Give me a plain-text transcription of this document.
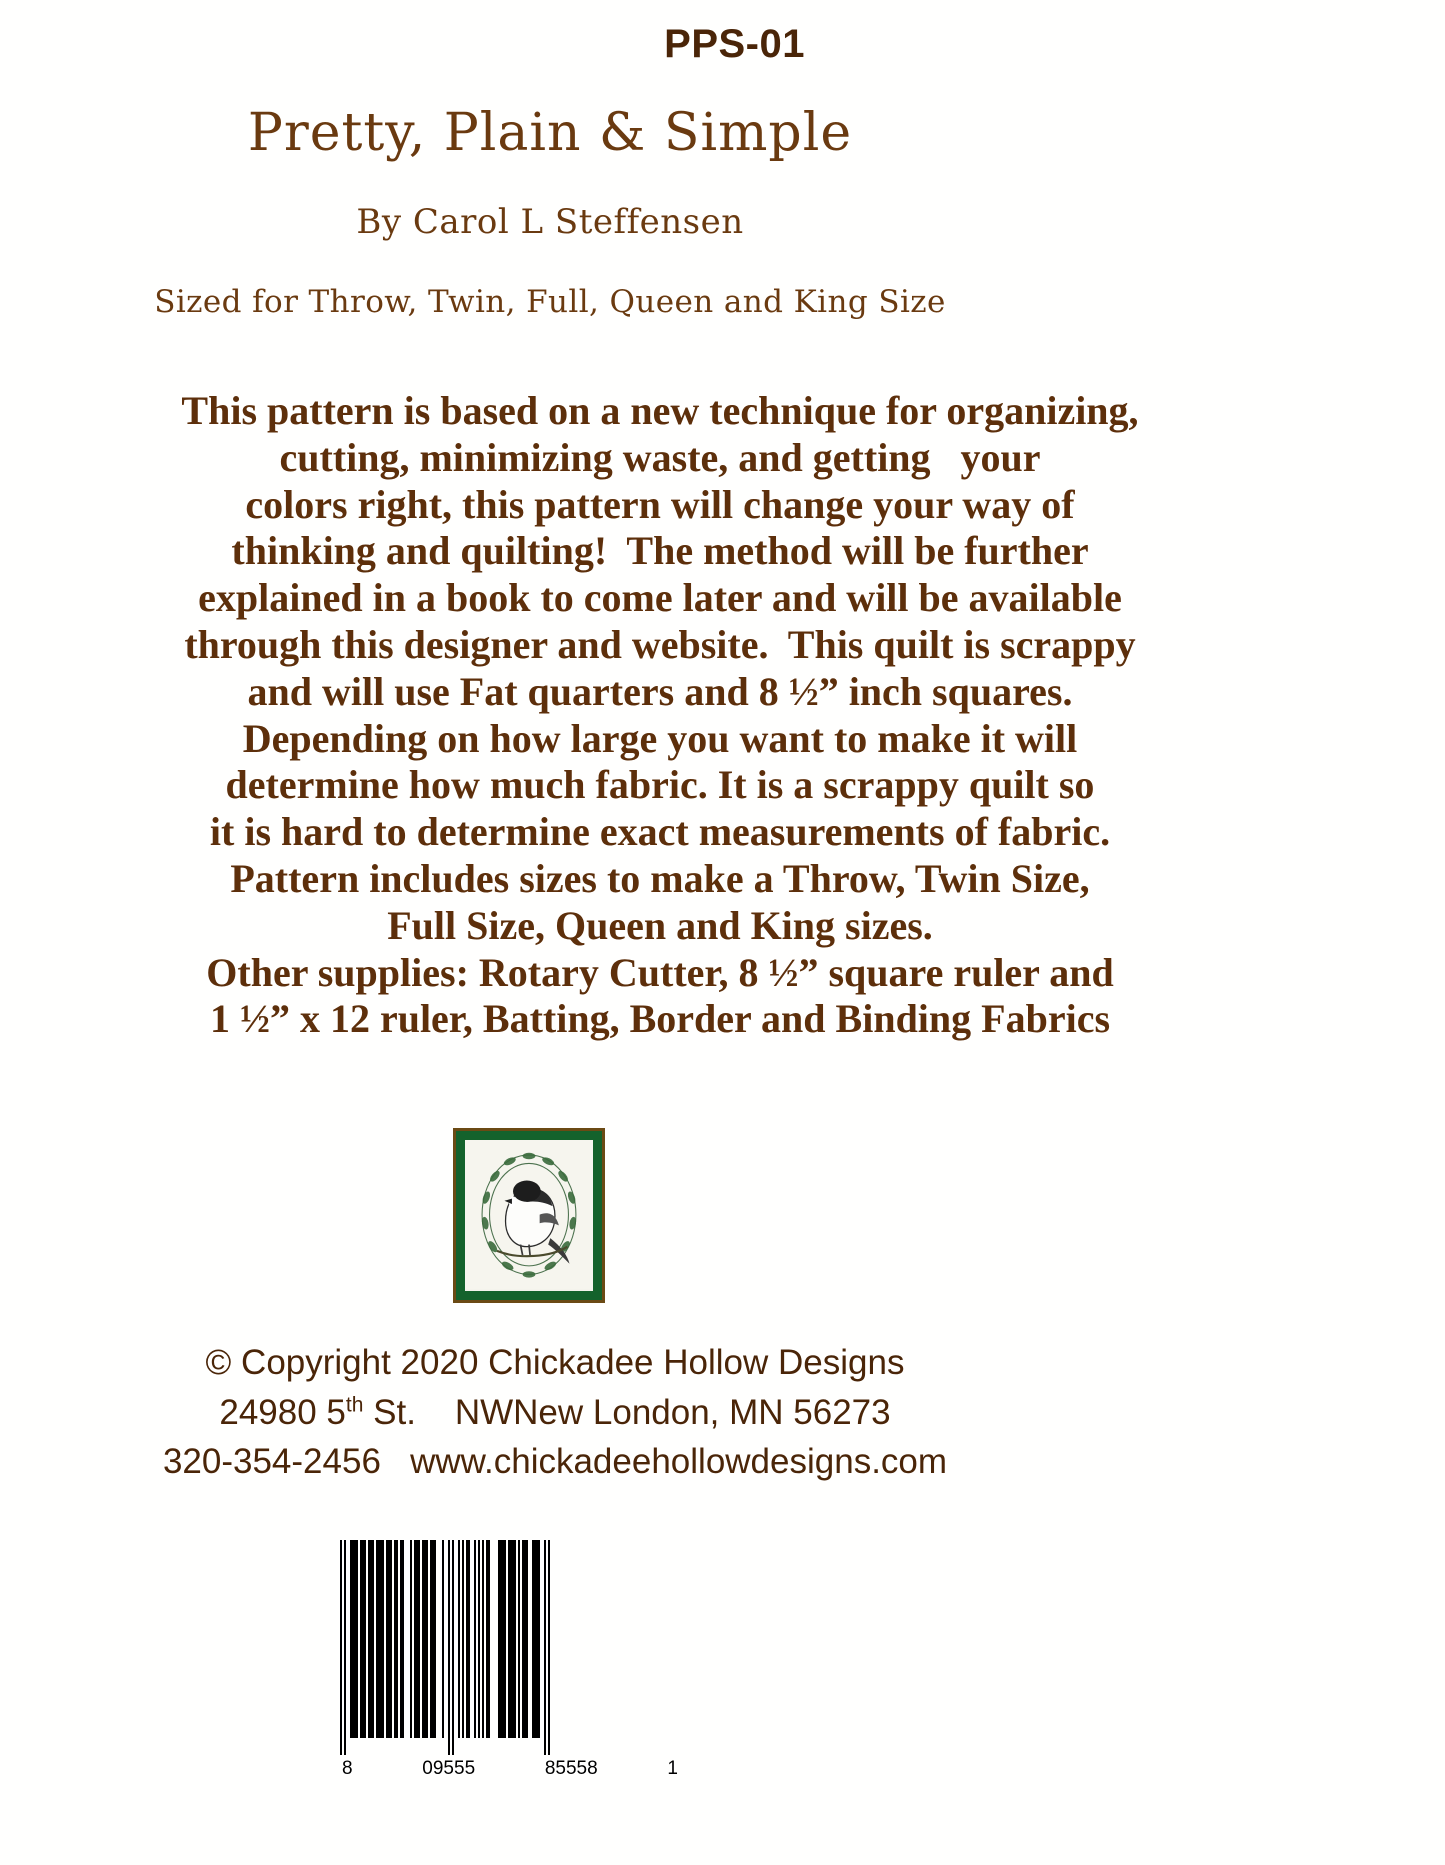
PPS-01
Pretty, Plain & Simple
By Carol L Steffensen
Sized for Throw, Twin, Full, Queen and King Size
This pattern is based on a new technique for organizing,
cutting, minimizing waste, and getting   your
colors right, this pattern will change your way of
thinking and quilting!  The method will be further
explained in a book to come later and will be available
through this designer and website.  This quilt is scrappy
and will use Fat quarters and 8 ½” inch squares.
Depending on how large you want to make it will
determine how much fabric. It is a scrappy quilt so
it is hard to determine exact measurements of fabric.
Pattern includes sizes to make a Throw, Twin Size,
Full Size, Queen and King sizes.
Other supplies: Rotary Cutter, 8 ½” square ruler and
1 ½” x 12 ruler, Batting, Border and Binding Fabrics
© Copyright 2020 Chickadee Hollow Designs
24980 5th St.    NWNew London, MN 56273
320-354-2456 www.chickadeehollowdesigns.com
8	09555	85558	1
